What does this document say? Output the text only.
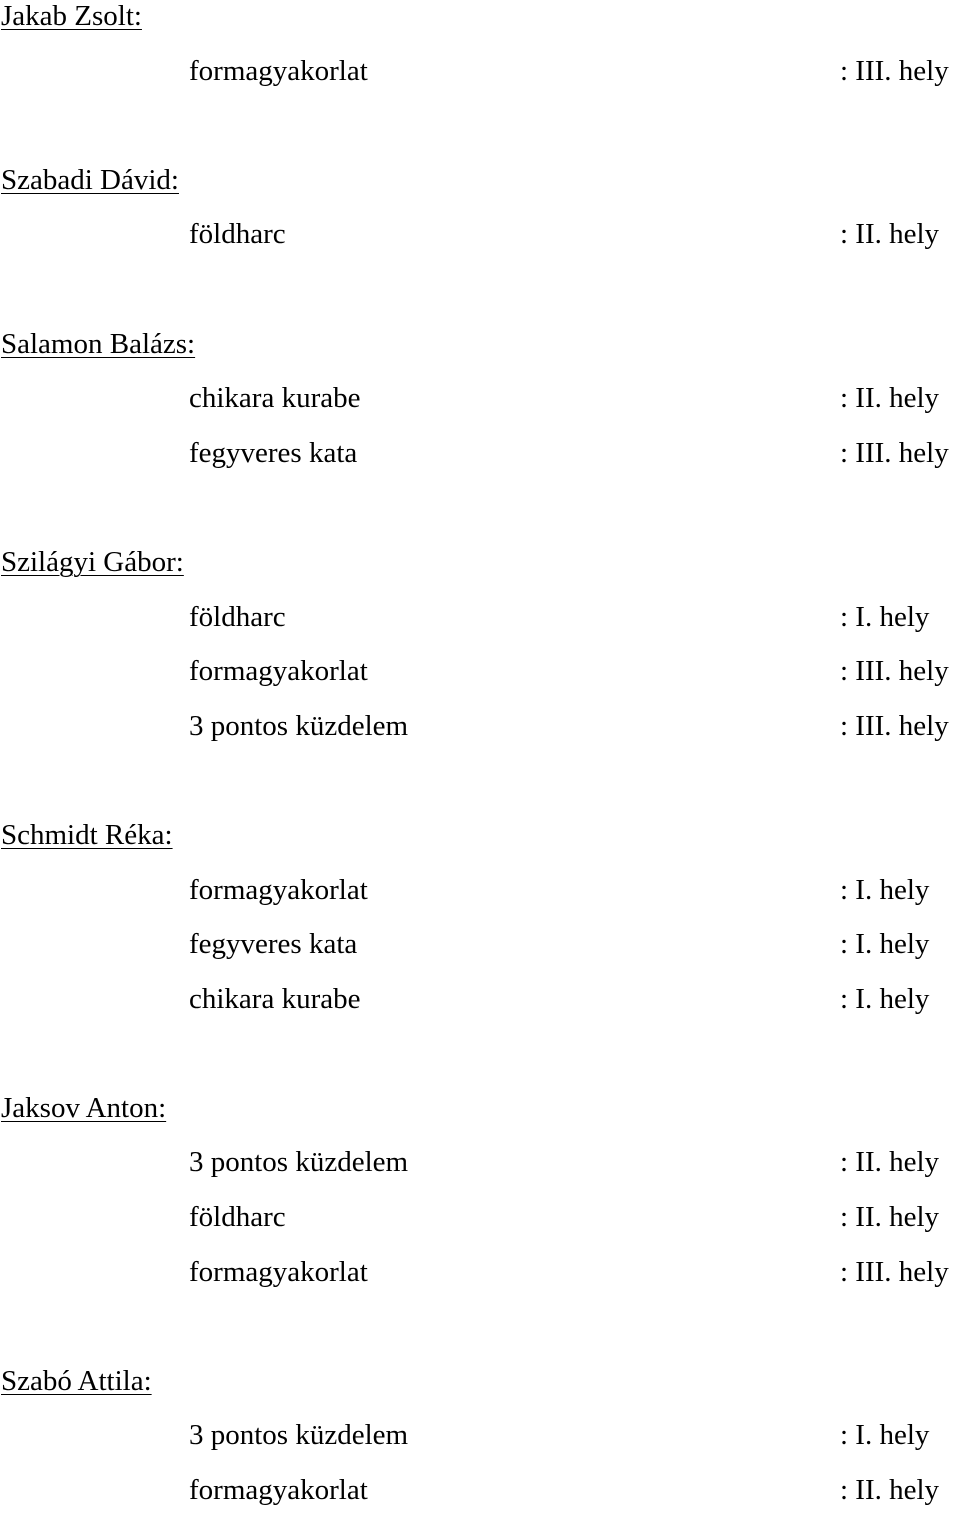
Jakab Zsolt:
formagyakorlat	: III. hely
Szabadi Dávid:
földharc	: II. hely
Salamon Balázs:
chikara kurabe	: II. hely
fegyveres kata	: III. hely
Szilágyi Gábor:
földharc	: I. hely
formagyakorlat	: III. hely
3 pontos küzdelem	: III. hely
Schmidt Réka:
formagyakorlat	: I. hely
fegyveres kata	: I. hely
chikara kurabe	: I. hely
Jaksov Anton:
3 pontos küzdelem	: II. hely
földharc	: II. hely
formagyakorlat	: III. hely
Szabó Attila:
3 pontos küzdelem	: I. hely
formagyakorlat	: II. hely
